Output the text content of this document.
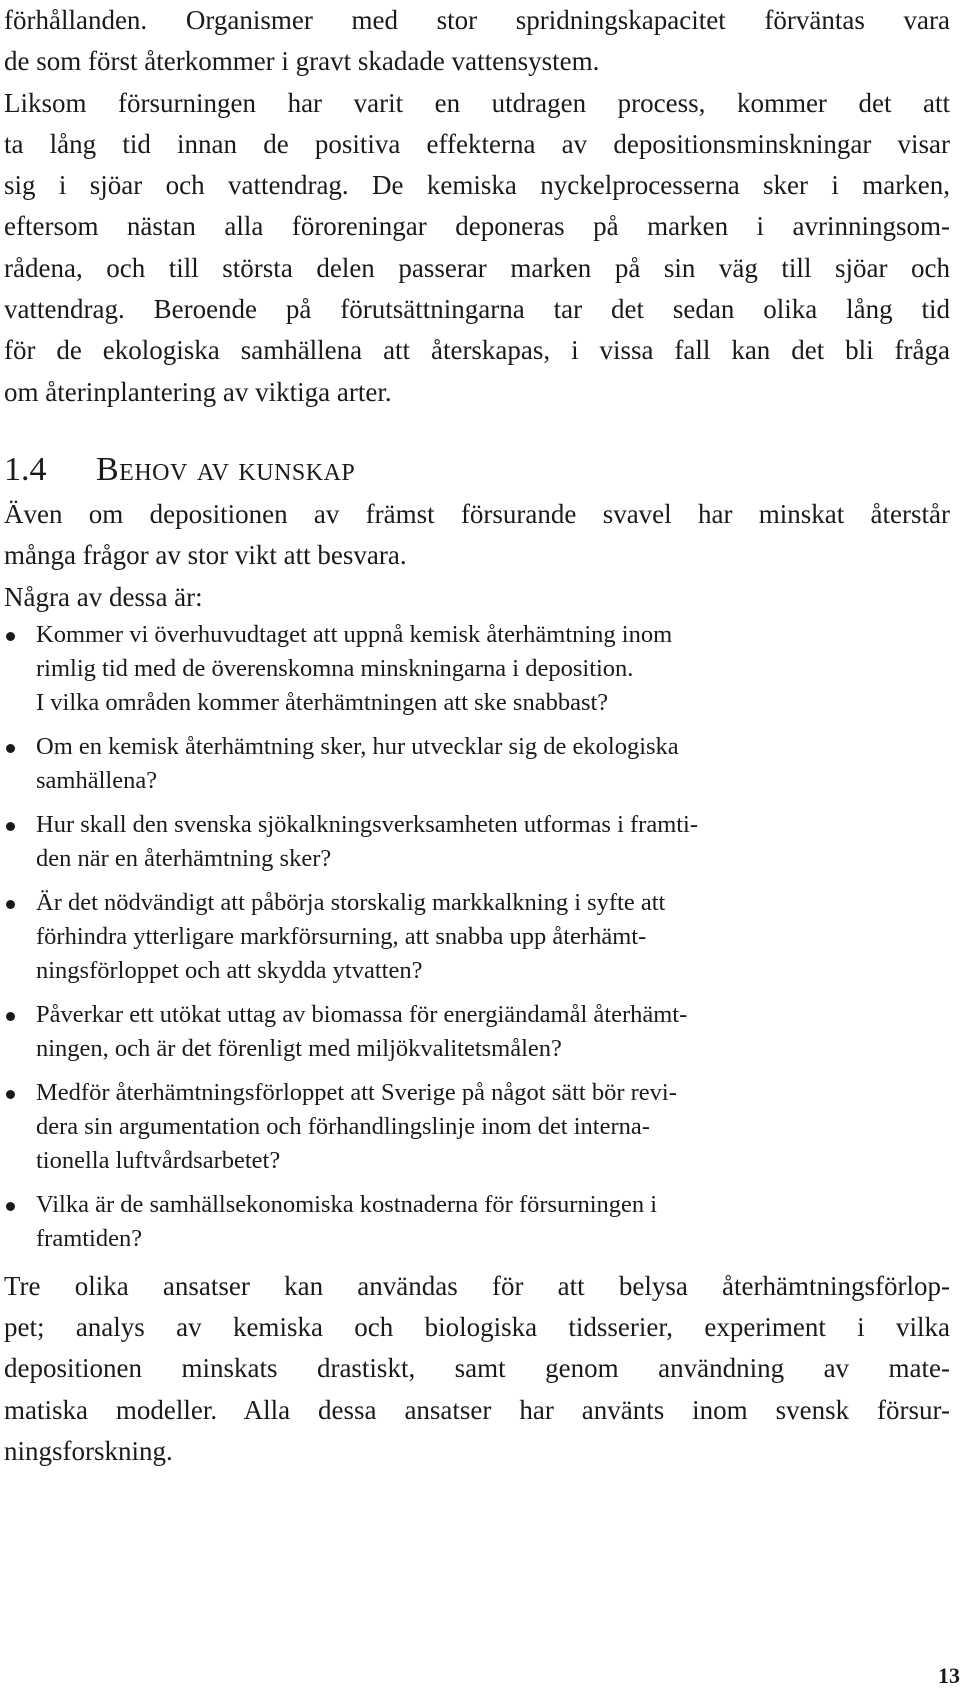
förhållanden. Organismer med stor spridningskapacitet förväntas vara
de som först återkommer i gravt skadade vattensystem.
Liksom försurningen har varit en utdragen process, kommer det att
ta lång tid innan de positiva effekterna av depositionsminskningar visar
sig i sjöar och vattendrag. De kemiska nyckelprocesserna sker i marken,
eftersom nästan alla föroreningar deponeras på marken i avrinningsom-
rådena, och till största delen passerar marken på sin väg till sjöar och
vattendrag. Beroende på förutsättningarna tar det sedan olika lång tid
för de ekologiska samhällena att återskapas, i vissa fall kan det bli fråga
om återinplantering av viktiga arter.
1.4 Behov av kunskap
Även om depositionen av främst försurande svavel har minskat återstår
många frågor av stor vikt att besvara.
Några av dessa är:
Kommer vi överhuvudtaget att uppnå kemisk återhämtning inom
rimlig tid med de överenskomna minskningarna i deposition.
I vilka områden kommer återhämtningen att ske snabbast?
Om en kemisk återhämtning sker, hur utvecklar sig de ekologiska
samhällena?
Hur skall den svenska sjökalkningsverksamheten utformas i framti-
den när en återhämtning sker?
Är det nödvändigt att påbörja storskalig markkalkning i syfte att
förhindra ytterligare markförsurning, att snabba upp återhämt-
ningsförloppet och att skydda ytvatten?
Påverkar ett utökat uttag av biomassa för energiändamål återhämt-
ningen, och är det förenligt med miljökvalitetsmålen?
Medför återhämtningsförloppet att Sverige på något sätt bör revi-
dera sin argumentation och förhandlingslinje inom det interna-
tionella luftvårdsarbetet?
Vilka är de samhällsekonomiska kostnaderna för försurningen i
framtiden?
Tre olika ansatser kan användas för att belysa återhämtningsförlop-
pet; analys av kemiska och biologiska tidsserier, experiment i vilka
depositionen minskats drastiskt, samt genom användning av mate-
matiska modeller. Alla dessa ansatser har använts inom svensk försur-
ningsforskning.
13
